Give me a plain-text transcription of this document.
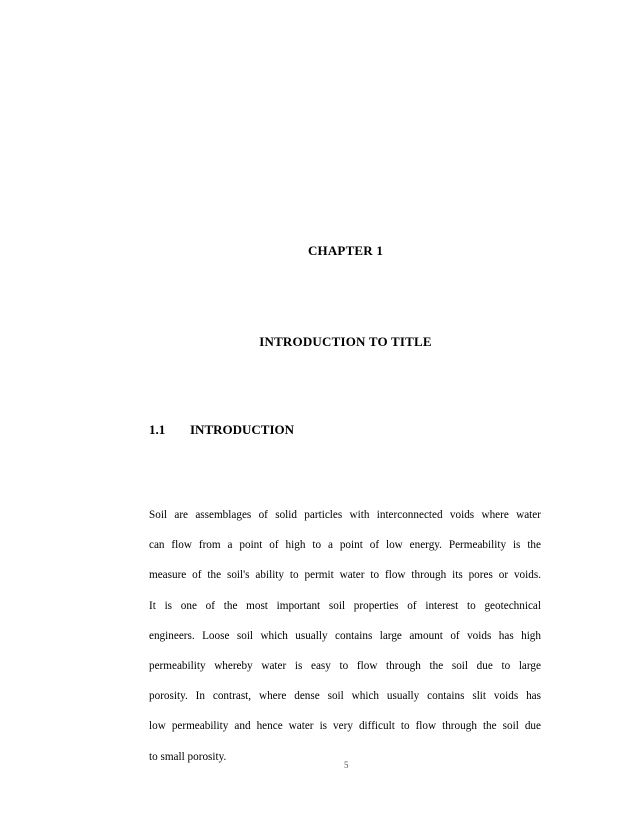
CHAPTER 1
INTRODUCTION TO TITLE
1.1 INTRODUCTION
Soil are assemblages of solid particles with interconnected voids where water
can flow from a point of high to a point of low energy. Permeability is the
measure of the soil's ability to permit water to flow through its pores or voids.
It is one of the most important soil properties of interest to geotechnical
engineers. Loose soil which usually contains large amount of voids has high
permeability whereby water is easy to flow through the soil due to large
porosity. In contrast, where dense soil which usually contains slit voids has
low permeability and hence water is very difficult to flow through the soil due
to small porosity.
5
